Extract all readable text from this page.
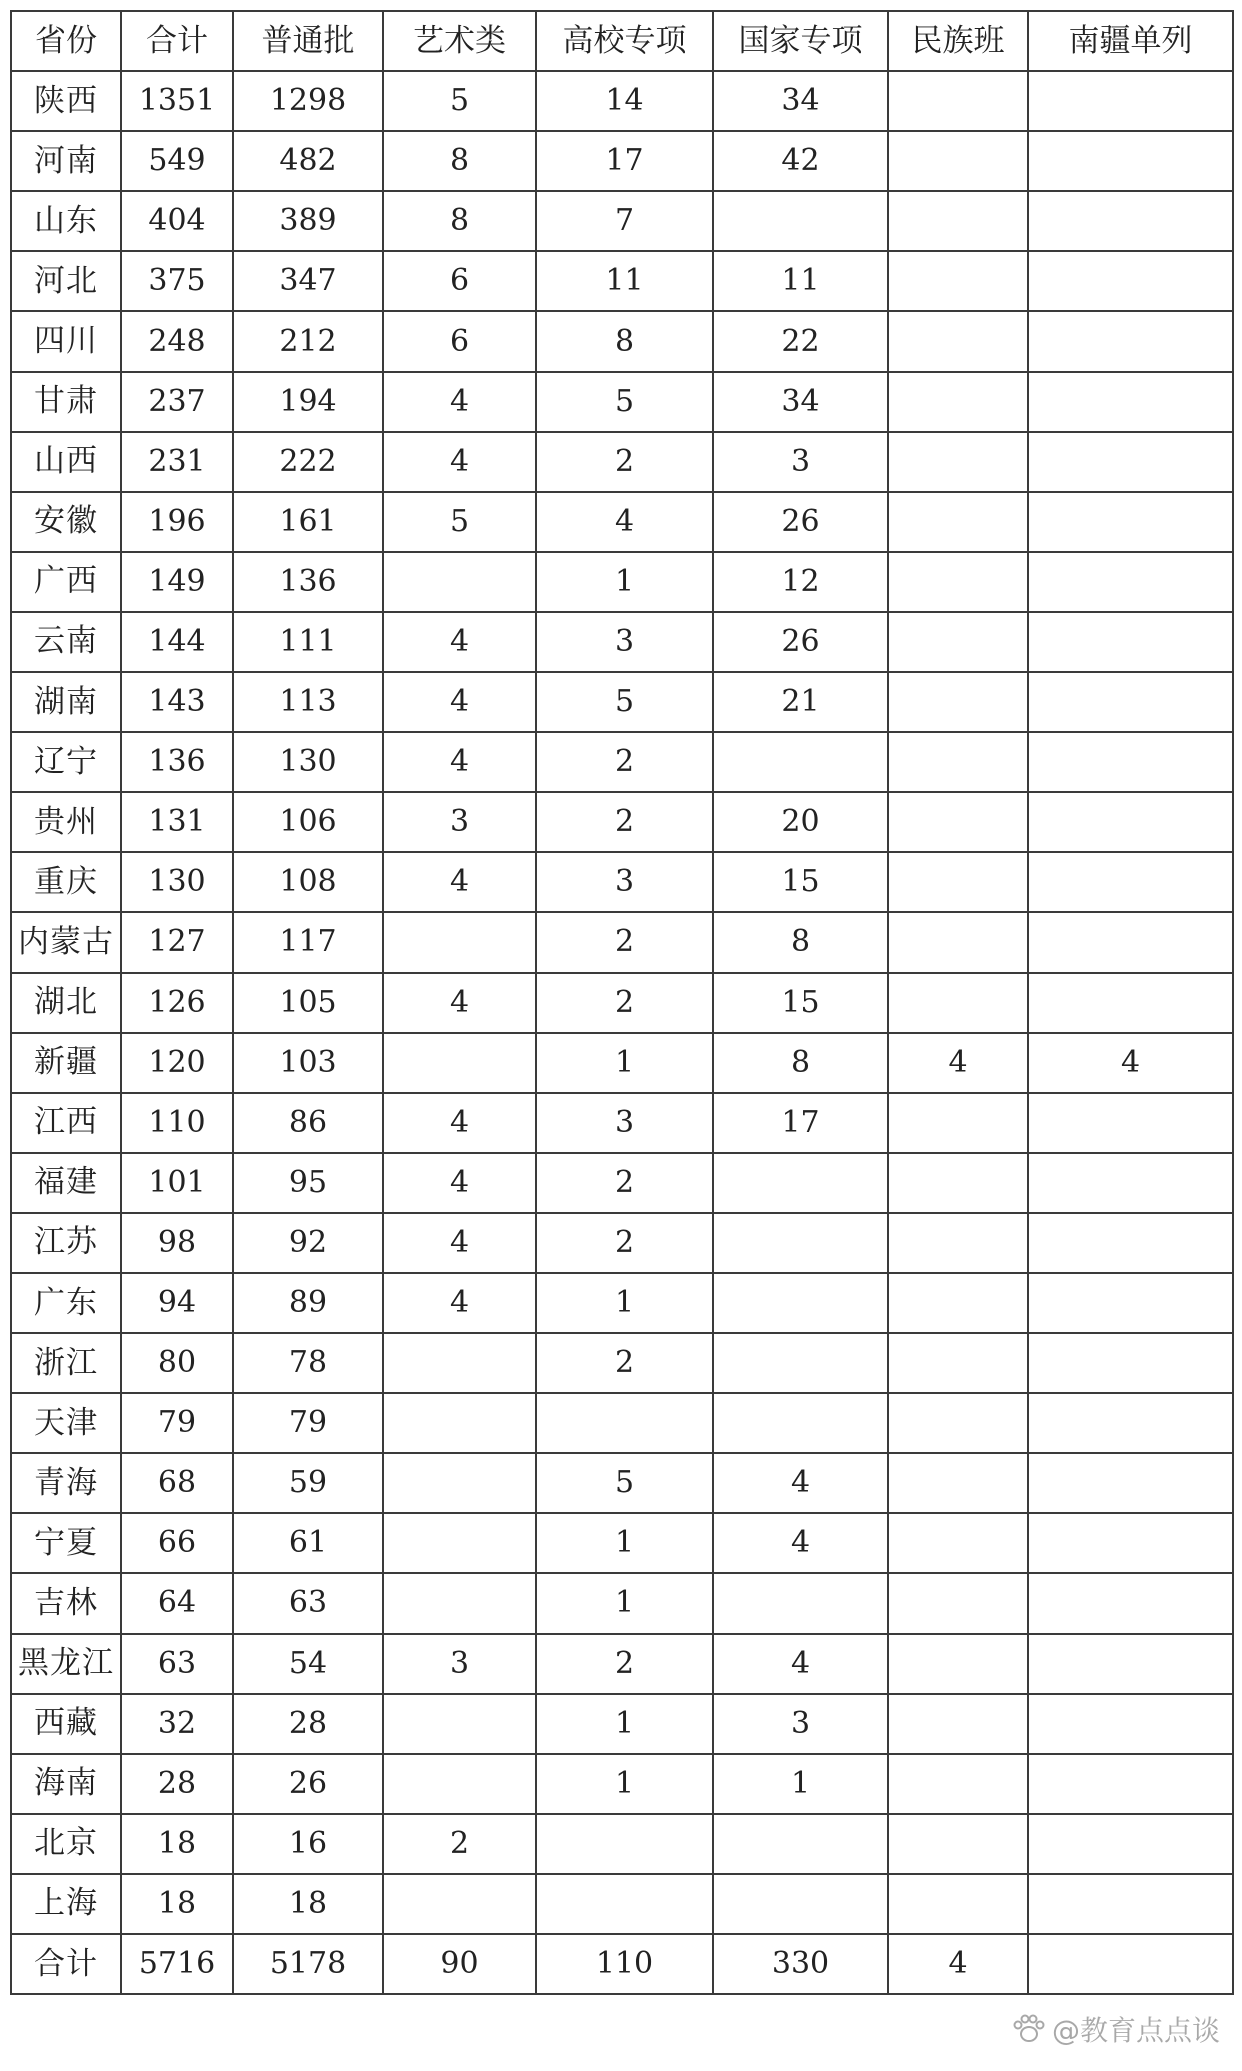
省份	合计	普通批	艺术类	高校专项	国家专项	民族班	南疆单列
陕西	1351	1298	5	14	34		
河南	549	482	8	17	42		
山东	404	389	8	7			
河北	375	347	6	11	11		
四川	248	212	6	8	22		
甘肃	237	194	4	5	34		
山西	231	222	4	2	3		
安徽	196	161	5	4	26		
广西	149	136		1	12		
云南	144	111	4	3	26		
湖南	143	113	4	5	21		
辽宁	136	130	4	2			
贵州	131	106	3	2	20		
重庆	130	108	4	3	15		
内蒙古	127	117		2	8		
湖北	126	105	4	2	15		
新疆	120	103		1	8	4	4
江西	110	86	4	3	17		
福建	101	95	4	2			
江苏	98	92	4	2			
广东	94	89	4	1			
浙江	80	78		2			
天津	79	79					
青海	68	59		5	4		
宁夏	66	61		1	4		
吉林	64	63		1			
黑龙江	63	54	3	2	4		
西藏	32	28		1	3		
海南	28	26		1	1		
北京	18	16	2				
上海	18	18					
合计	5716	5178	90	110	330	4	
@教育点点谈
